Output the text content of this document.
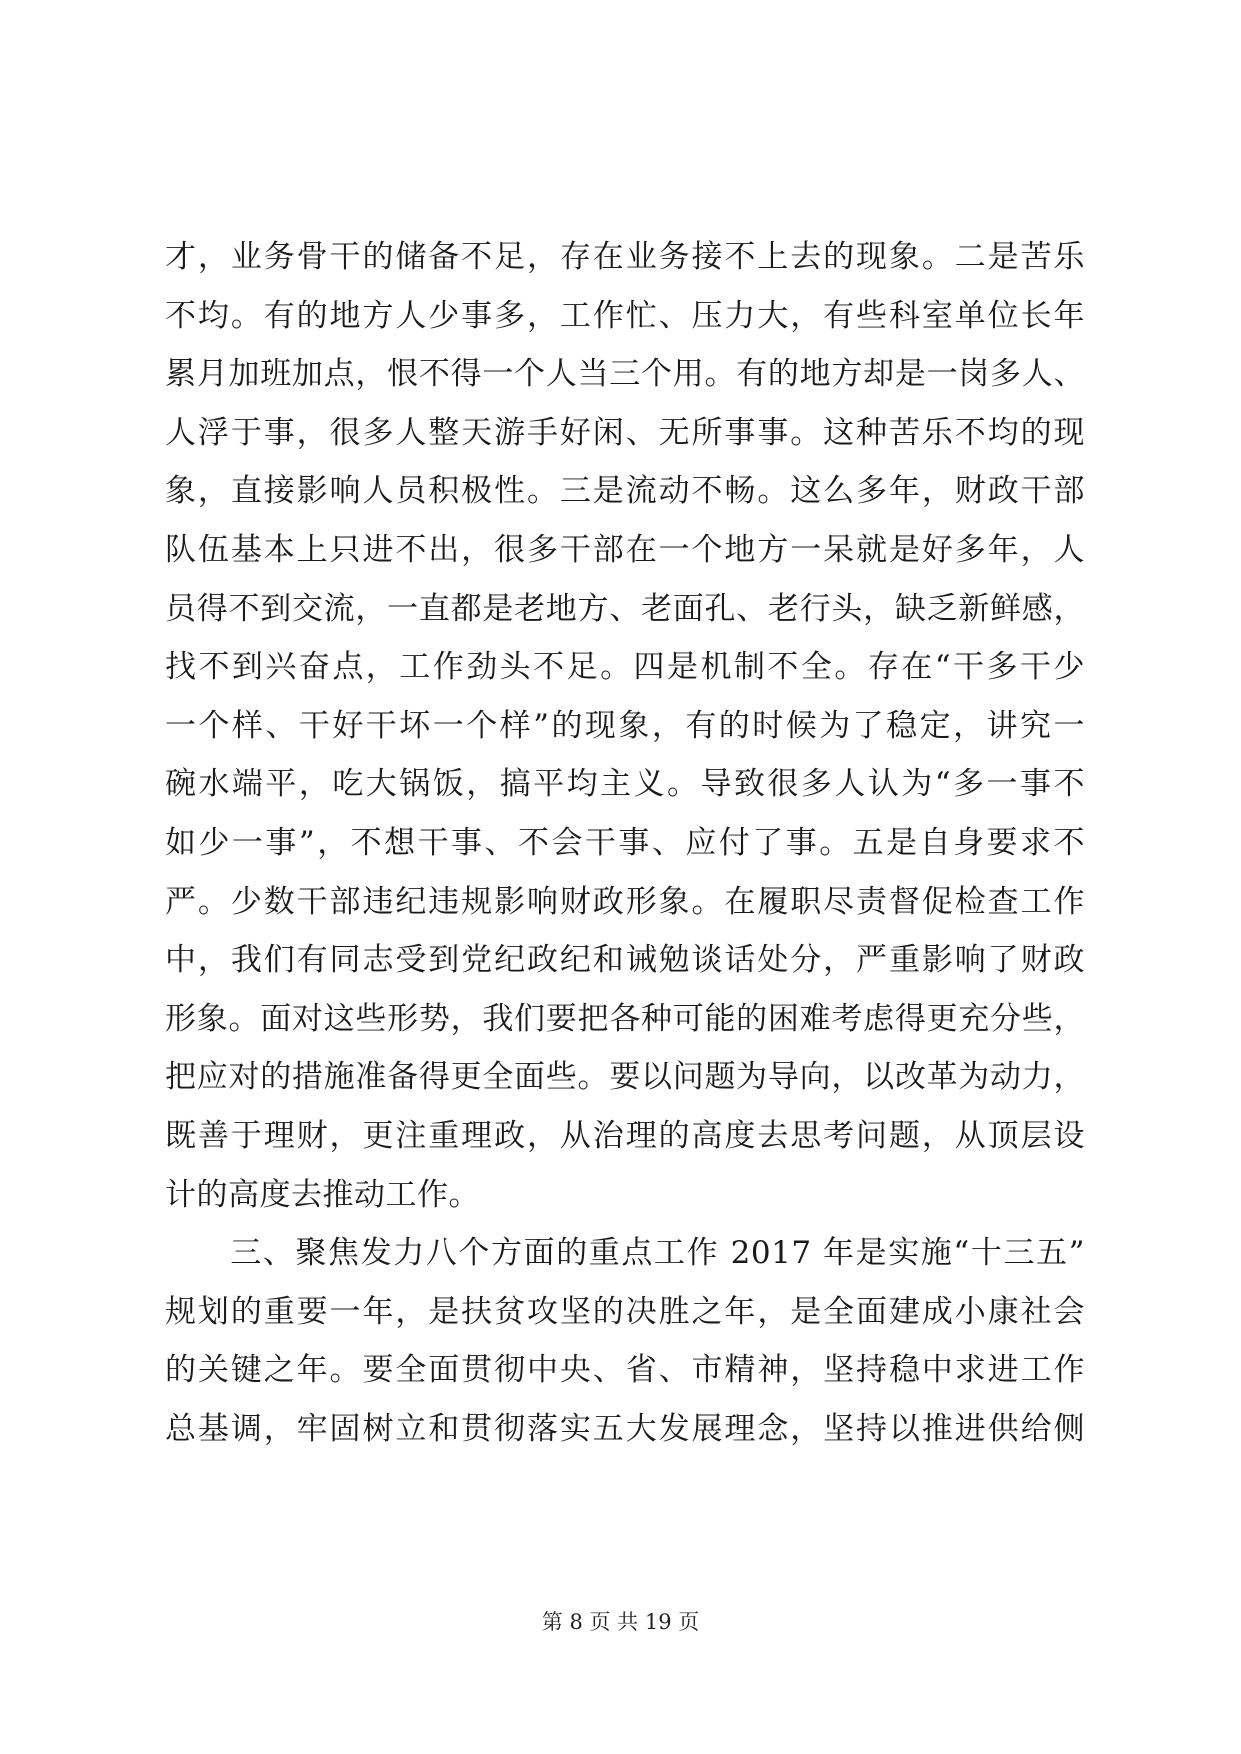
才，业务骨干的储备不足，存在业务接不上去的现象。二是苦乐
不均。有的地方人少事多，工作忙、压力大，有些科室单位长年
累月加班加点，恨不得一个人当三个用。有的地方却是一岗多人、
人浮于事，很多人整天游手好闲、无所事事。这种苦乐不均的现
象，直接影响人员积极性。三是流动不畅。这么多年，财政干部
队伍基本上只进不出，很多干部在一个地方一呆就是好多年，人
员得不到交流，一直都是老地方、老面孔、老行头，缺乏新鲜感，
找不到兴奋点，工作劲头不足。四是机制不全。存在“干多干少
一个样、干好干坏一个样”的现象，有的时候为了稳定，讲究一
碗水端平，吃大锅饭，搞平均主义。导致很多人认为“多一事不
如少一事”，不想干事、不会干事、应付了事。五是自身要求不
严。少数干部违纪违规影响财政形象。在履职尽责督促检查工作
中，我们有同志受到党纪政纪和诫勉谈话处分，严重影响了财政
形象。面对这些形势，我们要把各种可能的困难考虑得更充分些，
把应对的措施准备得更全面些。要以问题为导向，以改革为动力，
既善于理财，更注重理政，从治理的高度去思考问题，从顶层设
计的高度去推动工作。
　　三、聚焦发力八个方面的重点工作 2017 年是实施“十三五”
规划的重要一年，是扶贫攻坚的决胜之年，是全面建成小康社会
的关键之年。要全面贯彻中央、省、市精神，坚持稳中求进工作
总基调，牢固树立和贯彻落实五大发展理念，坚持以推进供给侧
第 8 页 共 19 页
